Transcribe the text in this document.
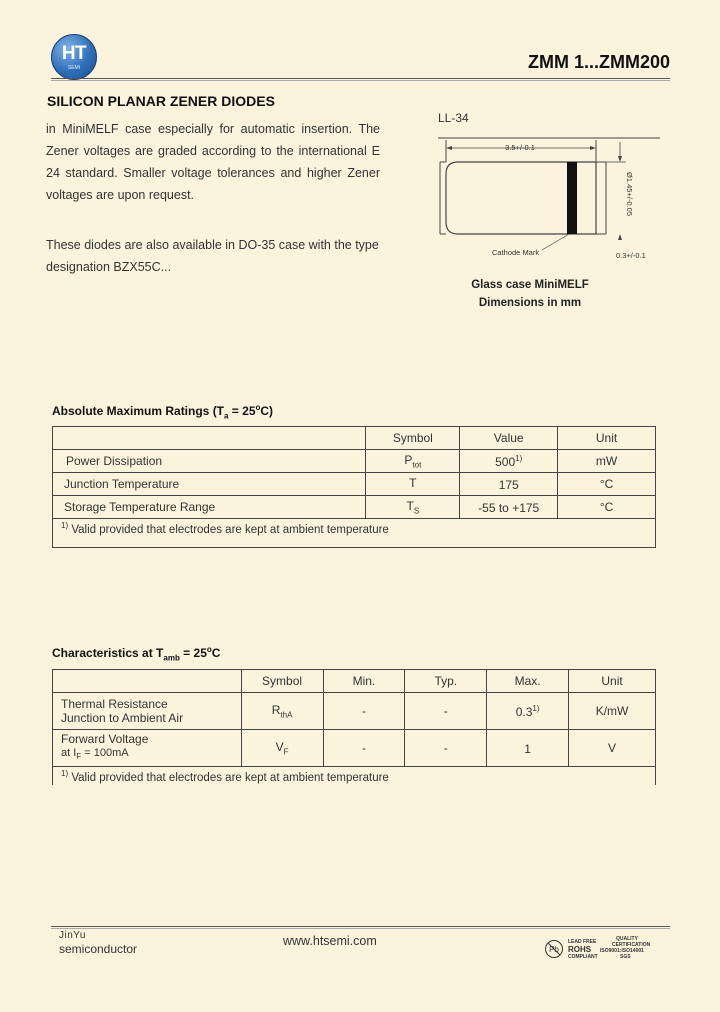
HT
SEMI	ZMM 1...ZMM200
SILICON PLANAR ZENER DIODES
in MiniMELF case especially for automatic insertion. The Zener voltages are graded according to the international E 24 standard. Smaller voltage tolerances and higher Zener voltages are upon request.
These diodes are also available in DO-35 case with the type designation BZX55C...
LL-34
3.5+/-0.1
Ø1.45+/-0.05
0.3+/-0.1
Cathode Mark
Glass case MiniMELF
Dimensions in mm
Absolute Maximum Ratings $(T_a = 25^oC)$
	Symbol	Value	Unit
Power Dissipation	$P_{tot}$	500$^{1)}$	mW
Junction Temperature	T	175	°C
Storage Temperature Range	$T_S$	-55 to +175	°C
$^{1)}$ Valid provided that electrodes are kept at ambient temperature			
Characteristics at $T_{amb} = 25^oC$
	Symbol	Min.	Typ.	Max.	Unit

Thermal Resistance
Junction to Ambient Air	$R_{thA}$	-	-	0.3$^{1)}$	K/mW

Forward Voltage
at $I_F = 100mA$	$V_F$	-	-	1	V
$^{1)}$ Valid provided that electrodes are kept at ambient temperature					
JinYu
semiconductor
www.htsemi.com
Pb
LEAD FREE
ROHS
COMPLIANT
QUALITY
CERTIFICATION
ISO9001:ISO14001
SGS
